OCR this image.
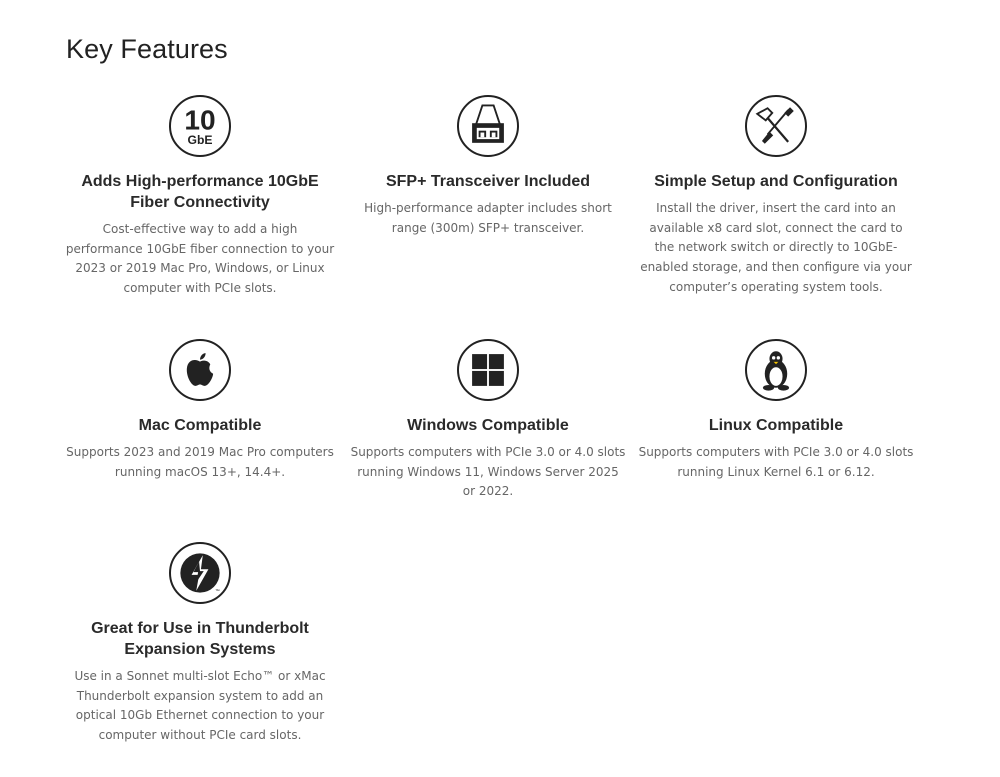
Key Features
10
GbE
Adds High-performance 10GbE Fiber Connectivity
Cost-effective way to add a high performance 10GbE fiber connection to your 2023 or 2019 Mac Pro, Windows, or Linux computer with PCIe slots.
SFP+ Transceiver Included
High-performance adapter includes short range (300m) SFP+ transceiver.
Simple Setup and Configuration
Install the driver, insert the card into an available x8 card slot, connect the card to the network switch or directly to 10GbE-enabled storage, and then configure via your computer’s operating system tools.
Mac Compatible
Supports 2023 and 2019 Mac Pro computers running macOS 13+, 14.4+.
Windows Compatible
Supports computers with PCIe 3.0 or 4.0 slots running Windows 11, Windows Server 2025 or 2022.
Linux Compatible
Supports computers with PCIe 3.0 or 4.0 slots running Linux Kernel 6.1 or 6.12.
™
Great for Use in Thunderbolt Expansion Systems
Use in a Sonnet multi-slot Echo™ or xMac Thunderbolt expansion system to add an optical 10Gb Ethernet connection to your computer without PCIe card slots.
